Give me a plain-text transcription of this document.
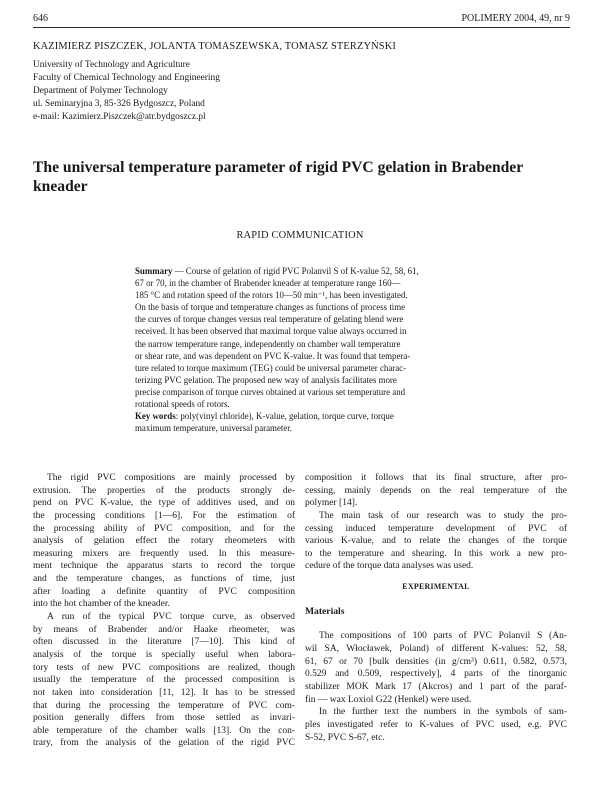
646	POLIMERY 2004, 49, nr 9
KAZIMIERZ PISZCZEK, JOLANTA TOMASZEWSKA, TOMASZ STERZYŃSKI
University of Technology and Agriculture
Faculty of Chemical Technology and Engineering
Department of Polymer Technology
ul. Seminaryjna 3, 85-326 Bydgoszcz, Poland
e-mail: Kazimierz.Piszczek@atr.bydgoszcz.pl
The universal temperature parameter of rigid PVC gelation in Brabender kneader
RAPID COMMUNICATION
Summary — Course of gelation of rigid PVC Polanvil S of K-value 52, 58, 61,
67 or 70, in the chamber of Brabender kneader at temperature range 160—
185 °C and rotation speed of the rotors 10—50 min⁻¹, has been investigated.
On the basis of torque and temperature changes as functions of process time
the curves of torque changes versus real temperature of gelating blend were
received. It has been observed that maximal torque value always occurred in
the narrow temperature range, independently on chamber wall temperature
or shear rate, and was dependent on PVC K-value. It was found that tempera-
ture related to torque maximum (TEG) could be universal parameter charac-
terizing PVC gelation. The proposed new way of analysis facilitates more
precise comparison of torque curves obtained at various set temperature and
rotational speeds of rotors.
Key words: poly(vinyl chloride), K-value, gelation, torque curve, torque
maximum temperature, universal parameter.
The rigid PVC compositions are mainly processed by
extrusion. The properties of the products strongly de-
pend on PVC K-value, the type of additives used, and on
the processing conditions [1—6]. For the estimation of
the processing ability of PVC composition, and for the
analysis of gelation effect the rotary rheometers with
measuring mixers are frequently used. In this measure-
ment technique the apparatus starts to record the torque
and the temperature changes, as functions of time, just
after loading a definite quantity of PVC composition
into the hot chamber of the kneader.
A run of the typical PVC torque curve, as observed
by means of Brabender and/or Haake rheometer, was
often discussed in the literature [7—10]. This kind of
analysis of the torque is specially useful when labora-
tory tests of new PVC compositions are realized, though
usually the temperature of the processed composition is
not taken into consideration [11, 12]. It has to be stressed
that during the processing the temperature of PVC com-
position generally differs from those settled as invari-
able temperature of the chamber walls [13]. On the con-
trary, from the analysis of the gelation of the rigid PVC
composition it follows that its final structure, after pro-
cessing, mainly depends on the real temperature of the
polymer [14].
The main task of our research was to study the pro-
cessing induced temperature development of PVC of
various K-value, and to relate the changes of the torque
to the temperature and shearing. In this work a new pro-
cedure of the torque data analyses was used.
EXPERIMENTAL
Materials
The compositions of 100 parts of PVC Polanvil S (An-
wil SA, Włocławek, Poland) of different K-values: 52, 58,
61, 67 or 70 [bulk densities (in g/cm³) 0.611, 0.582, 0.573,
0.529 and 0.509, respectively], 4 parts of the tinorganic
stabilizer MOK Mark 17 (Akcros) and 1 part of the paraf-
fin — wax Loxiol G22 (Henkel) were used.
In the further text the numbers in the symbols of sam-
ples investigated refer to K-values of PVC used, e.g. PVC
S-52, PVC S-67, etc.
